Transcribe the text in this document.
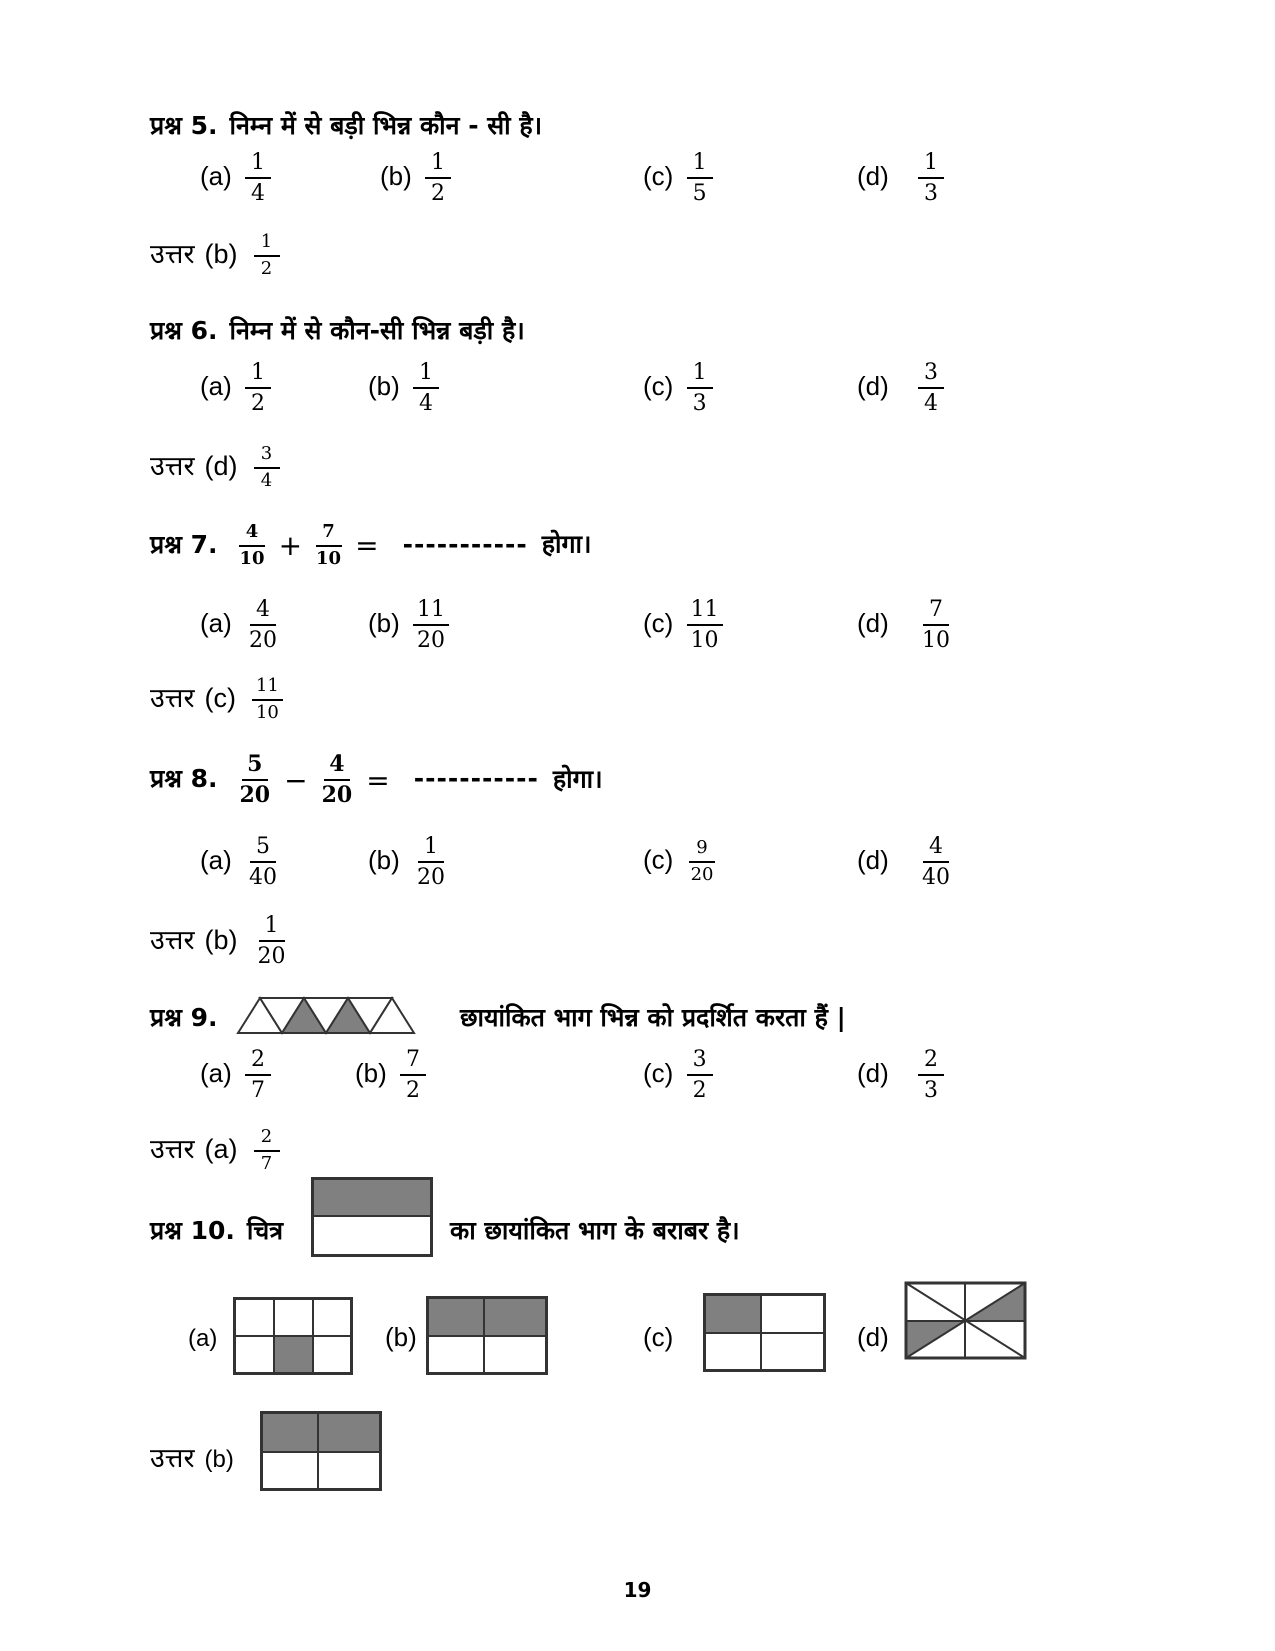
प्रश्न 5. निम्न में से बड़ी भिन्न कौन - सी है।
$(a) \frac{1}{4}$	$(b) \frac{1}{2}$	$(c) \frac{1}{5}$	$(d) \frac{1}{3}$
उत्तर $(b) \frac{1}{2}$
प्रश्न 6. निम्न में से कौन-सी भिन्न बड़ी है।
$(a) \frac{1}{2}$	$(b) \frac{1}{4}$	$(c) \frac{1}{3}$	$(d) \frac{3}{4}$
उत्तर $(d) \frac{3}{4}$
प्रश्न 7. $\frac{4}{10} + \frac{7}{10}$ = ----------- होगा।
$(a) \frac{4}{20}$	$(b) \frac{11}{20}$	$(c) \frac{11}{10}$	$(d) \frac{7}{10}$
उत्तर $(c) \frac{11}{10}$
प्रश्न 8. $\frac{5}{20} - \frac{4}{20}$ = ----------- होगा।
$(a) \frac{5}{40}$	$(b) \frac{1}{20}$	$(c) \frac{9}{20}$	$(d) \frac{4}{40}$
उत्तर $(b) \frac{1}{20}$
प्रश्न 9.	छायांकित भाग भिन्न को प्रदर्शित करता हैं |
$(a) \frac{2}{7}$	$(b) \frac{7}{2}$	$(c) \frac{3}{2}$	$(d) \frac{2}{3}$
उत्तर $(a) \frac{2}{7}$
प्रश्न 10. चित्र	का छायांकित भाग के बराबर है।
(a)	(b)	(c)	(d)
उत्तर (b)
19
